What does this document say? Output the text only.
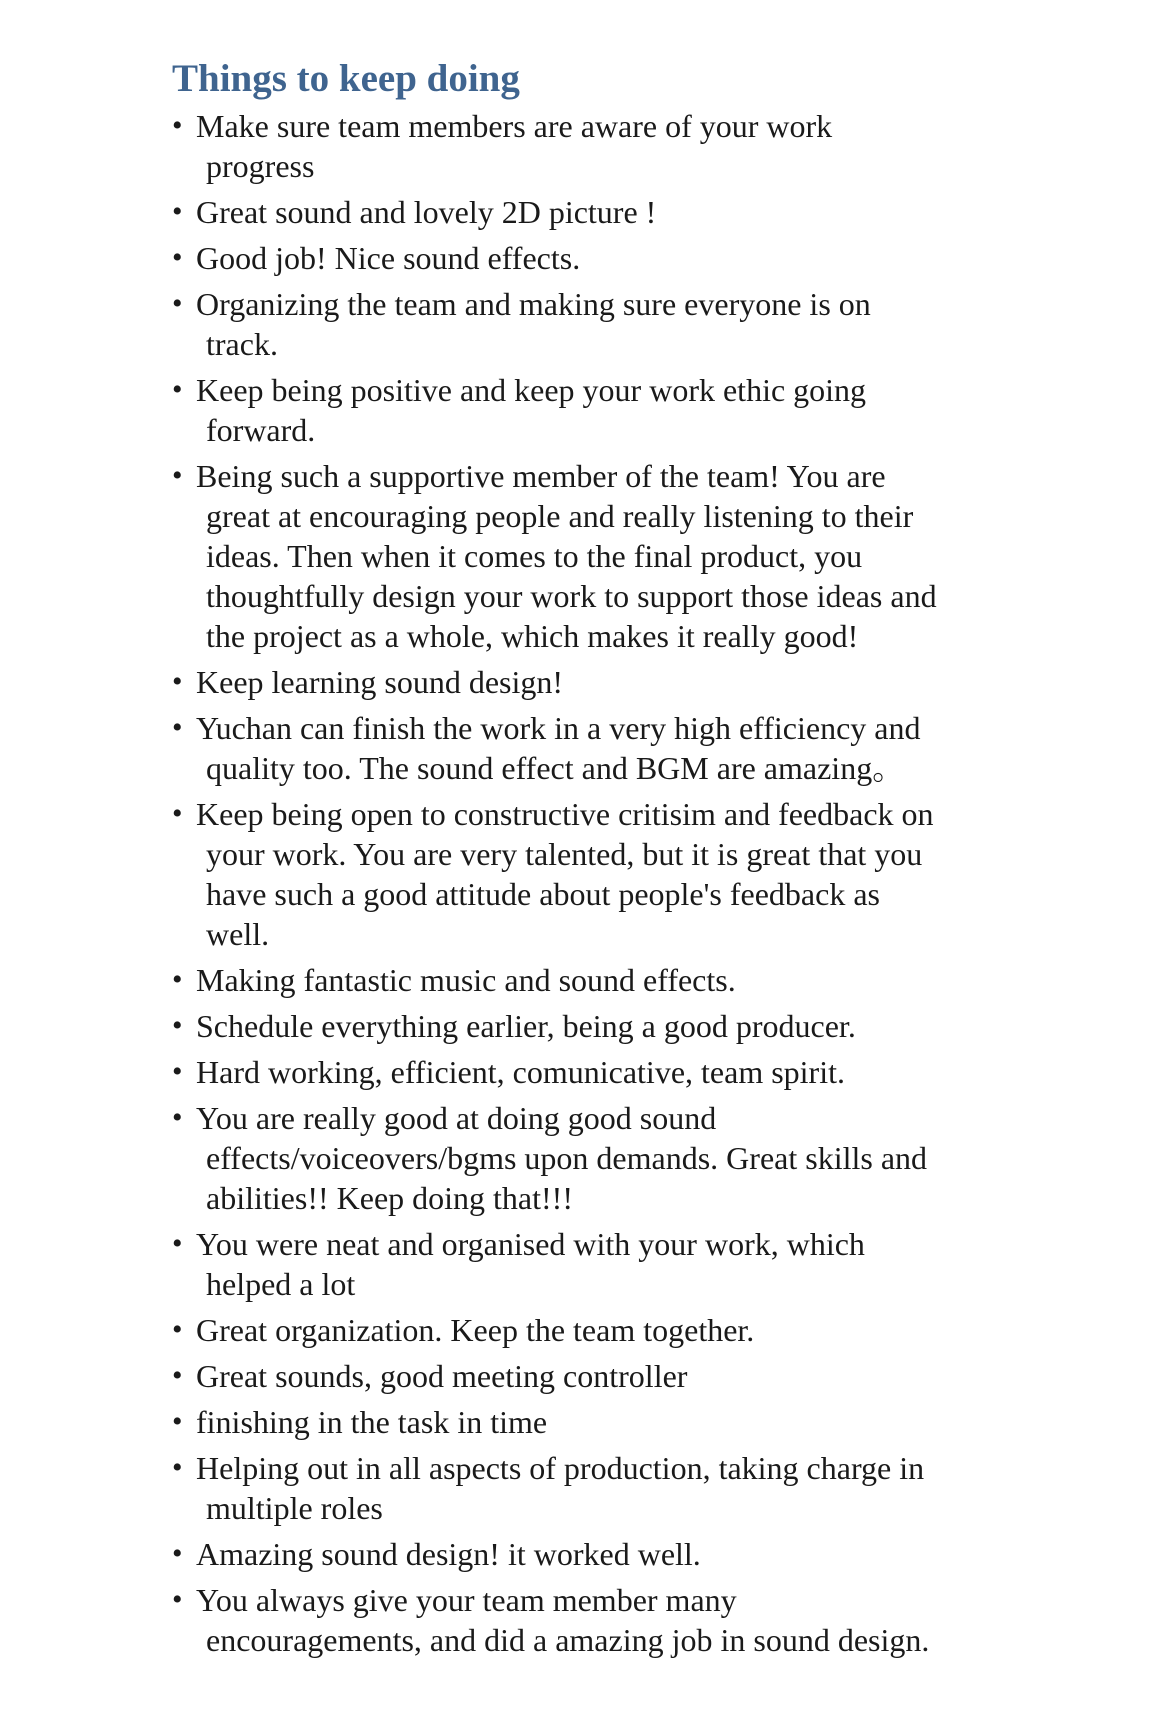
Things to keep doing
• Make sure team members are aware of your work
progress
• Great sound and lovely 2D picture !
• Good job! Nice sound effects.
• Organizing the team and making sure everyone is on
track.
• Keep being positive and keep your work ethic going
forward.
• Being such a supportive member of the team! You are
great at encouraging people and really listening to their
ideas. Then when it comes to the final product, you
thoughtfully design your work to support those ideas and
the project as a whole, which makes it really good!
• Keep learning sound design!
• Yuchan can finish the work in a very high efficiency and
quality too. The sound effect and BGM are amazing。
• Keep being open to constructive critisim and feedback on
your work. You are very talented, but it is great that you
have such a good attitude about people's feedback as
well.
• Making fantastic music and sound effects.
• Schedule everything earlier, being a good producer.
• Hard working, efficient, comunicative, team spirit.
• You are really good at doing good sound
effects/voiceovers/bgms upon demands. Great skills and
abilities!! Keep doing that!!!
• You were neat and organised with your work, which
helped a lot
• Great organization. Keep the team together.
• Great sounds, good meeting controller
• finishing in the task in time
• Helping out in all aspects of production, taking charge in
multiple roles
• Amazing sound design! it worked well.
• You always give your team member many
encouragements, and did a amazing job in sound design.
